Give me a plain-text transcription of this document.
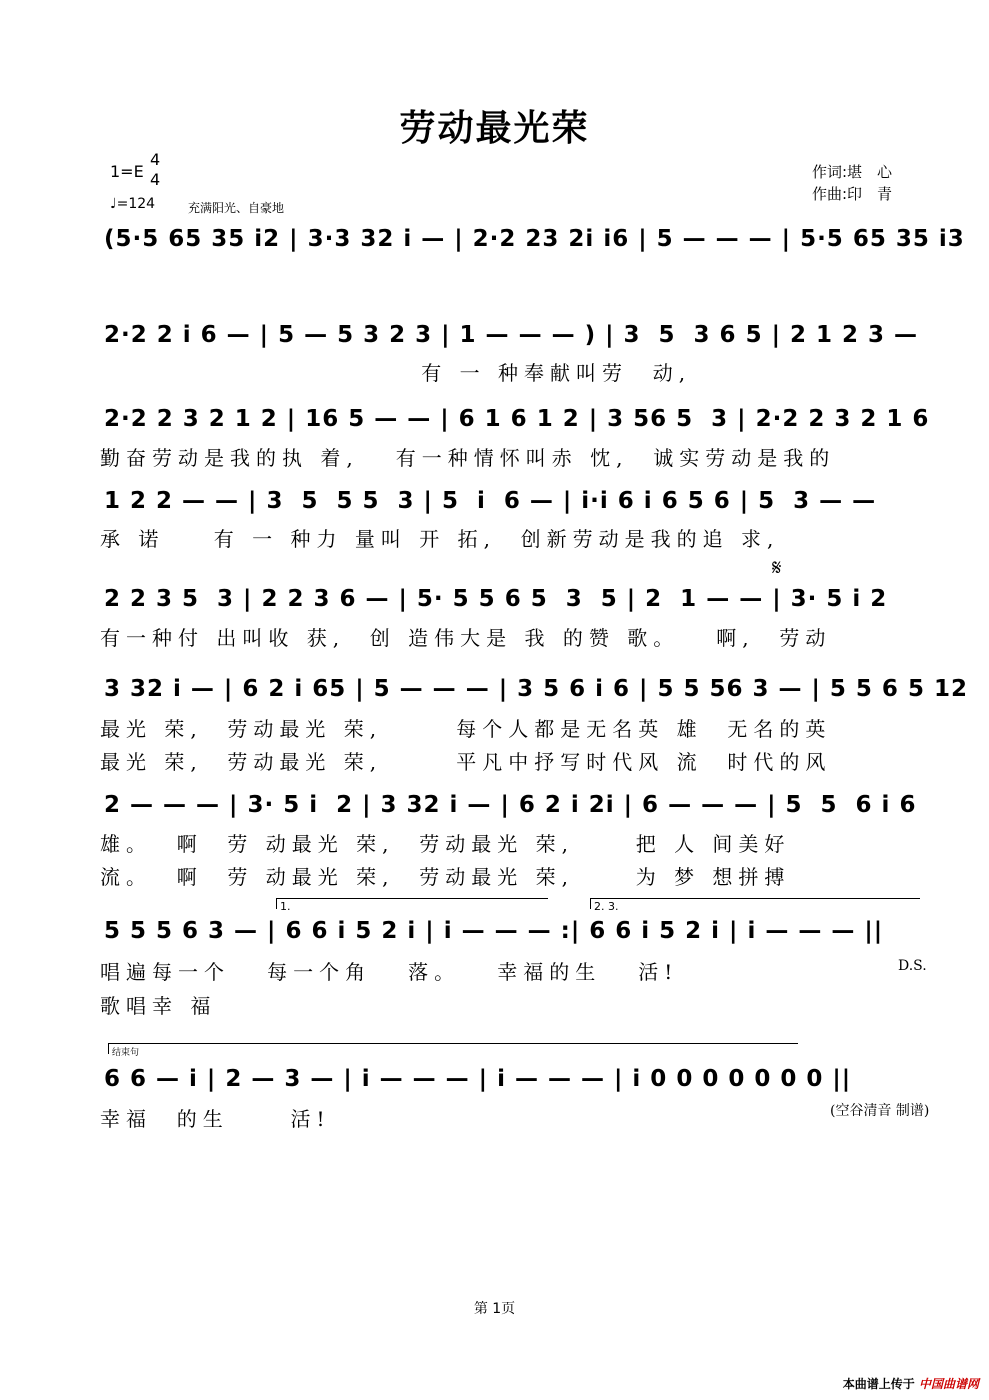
劳动最光荣
1=E
4
4
♩=124	充满阳光、自豪地
作词:堪　心
作曲:印　青
(5·5 65 35 i2 | 3·3 32 i — | 2·2 23 2i i6 | 5 — — — | 5·5 65 35 i3
2·2 2 i 6 — | 5 — 5 3 2 3 | 1 — — — ) | 3  5  3 6 5 | 2 1 2 3 —
有 一 种奉献叫劳  动,
2·2 2 3 2 1 2 | 16 5 — — | 6 1 6 1 2 | 3 56 5  3 | 2·2 2 3 2 1 6
勤奋劳动是我的执 着,   有一种情怀叫赤 忱,  诚实劳动是我的
1 2 2 — — | 3  5  5 5  3 | 5  i  6 — | i·i 6 i 6 5 6 | 5  3 — —
承 诺    有 一 种力 量叫 开 拓,  创新劳动是我的追 求,
𝄋
2 2 3 5  3 | 2 2 3 6 — | 5· 5 5 6 5  3  5 | 2  1 — — | 3· 5 i 2
有一种付 出叫收 获,  创 造伟大是 我 的赞 歌。   啊,  劳动
3 32 i — | 6 2 i 65 | 5 — — — | 3 5 6 i 6 | 5 5 56 3 — | 5 5 6 5 12
最光 荣,  劳动最光 荣,      每个人都是无名英 雄  无名的英
最光 荣,  劳动最光 荣,      平凡中抒写时代风 流  时代的风
2 — — — | 3· 5 i  2 | 3 32 i — | 6 2 i 2i | 6 — — — | 5  5  6 i 6
雄。  啊  劳 动最光 荣,  劳动最光 荣,     把 人 间美好
流。  啊  劳 动最光 荣,  劳动最光 荣,     为 梦 想拼搏
1.	2. 3.
5 5 5 6 3 — | 6 6 i 5 2 i | i — — — :| 6 6 i 5 2 i | i — — — ||
唱遍每一个   每一个角   落。   幸福的生   活!	D.S.
歌唱幸 福
结束句
6 6 — i | 2 — 3 — | i — — — | i — — — | i 0 0 0 0 0 0 0 ||
幸福  的生     活!	(空谷清音 制谱)
第 1页
本曲谱上传于 中国曲谱网
